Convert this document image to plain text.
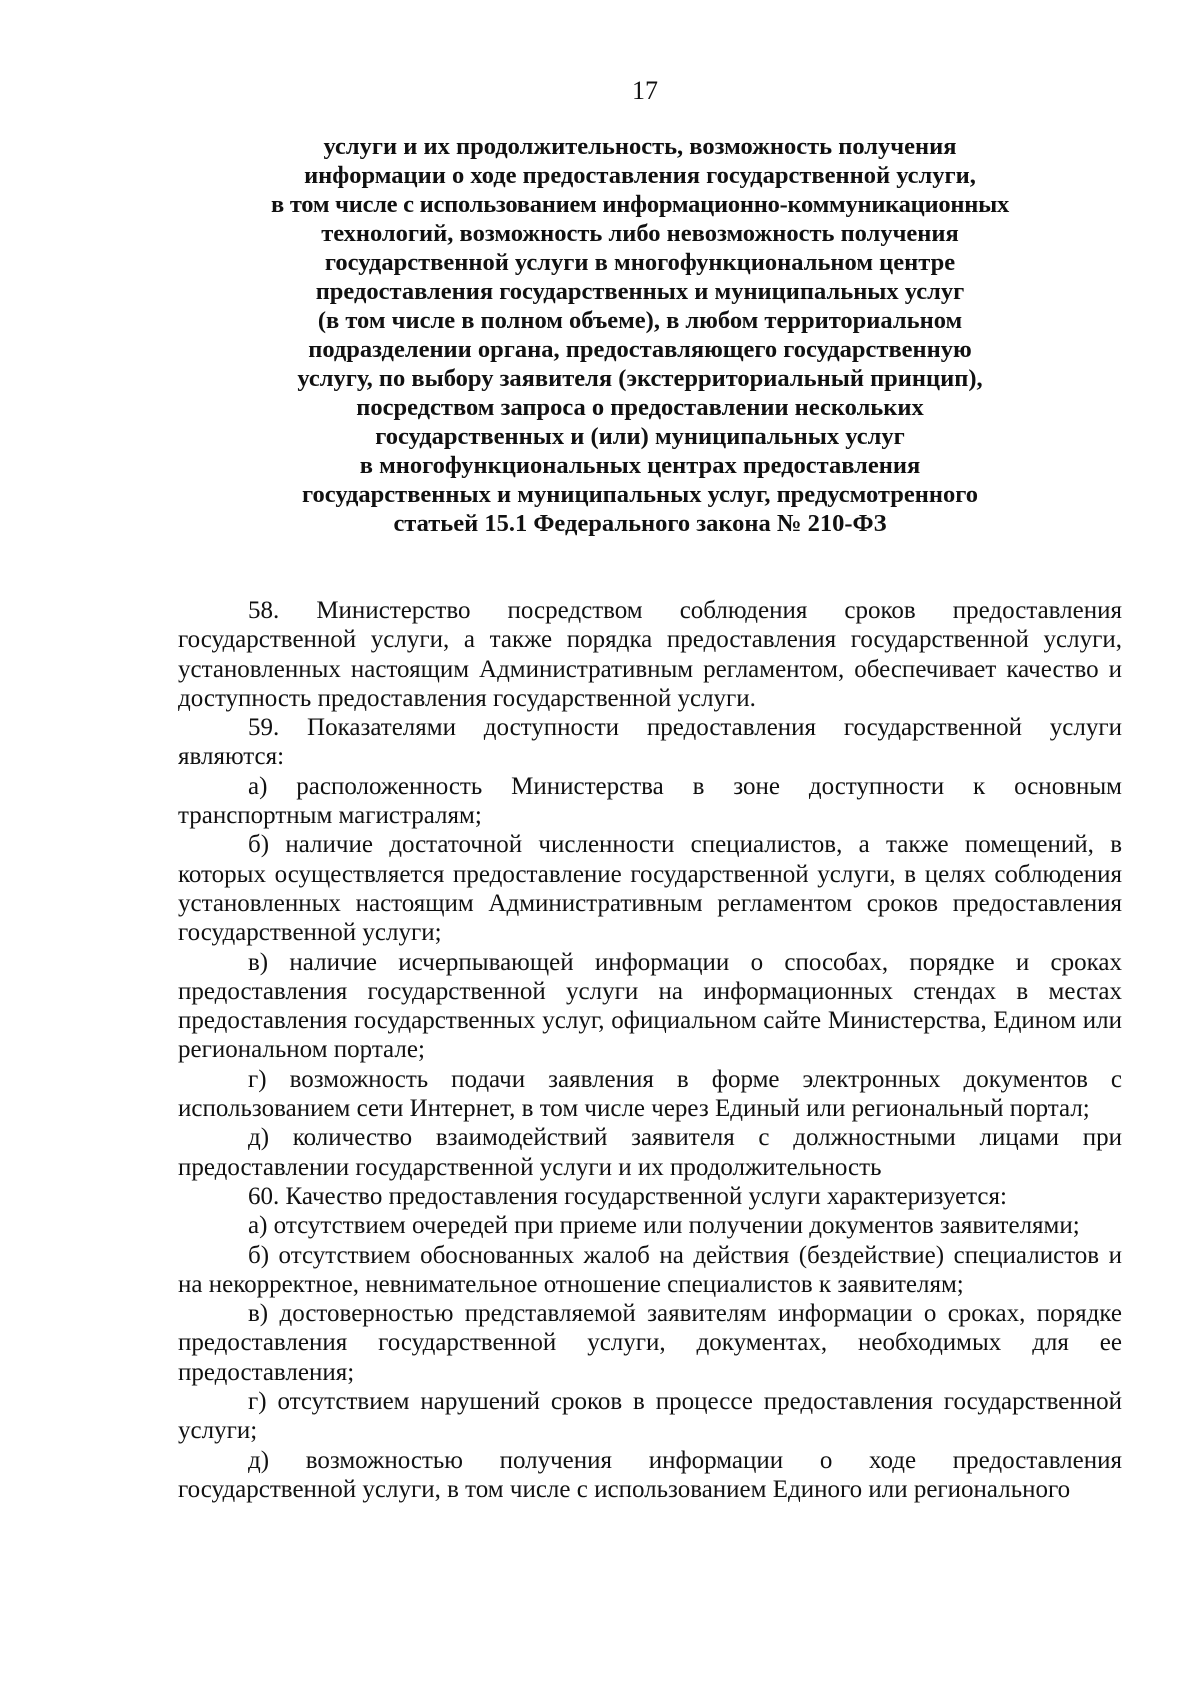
17
услуги и их продолжительность, возможность получения
информации о ходе предоставления государственной услуги,
в том числе с использованием информационно-коммуникационных
технологий, возможность либо невозможность получения
государственной услуги в многофункциональном центре
предоставления государственных и муниципальных услуг
(в том числе в полном объеме), в любом территориальном
подразделении органа, предоставляющего государственную
услугу, по выбору заявителя (экстерриториальный принцип),
посредством запроса о предоставлении нескольких
государственных и (или) муниципальных услуг
в многофункциональных центрах предоставления
государственных и муниципальных услуг, предусмотренного
статьей 15.1 Федерального закона № 210-ФЗ

58. Министерство посредством соблюдения сроков предоставления государственной услуги, а также порядка предоставления государственной услуги, установленных настоящим Административным регламентом, обеспечивает качество и доступность предоставления государственной услуги.

59. Показателями доступности предоставления государственной услуги являются:

а) расположенность Министерства в зоне доступности к основным транспортным магистралям;

б) наличие достаточной численности специалистов, а также помещений, в которых осуществляется предоставление государственной услуги, в целях соблюдения установленных настоящим Административным регламентом сроков предоставления государственной услуги;

в) наличие исчерпывающей информации о способах, порядке и сроках предоставления государственной услуги на информационных стендах в местах предоставления государственных услуг, официальном сайте Министерства, Едином или региональном портале;

г) возможность подачи заявления в форме электронных документов с использованием сети Интернет, в том числе через Единый или региональный портал;

д) количество взаимодействий заявителя с должностными лицами при предоставлении государственной услуги и их продолжительность

60. Качество предоставления государственной услуги характеризуется:

а) отсутствием очередей при приеме или получении документов заявителями;

б) отсутствием обоснованных жалоб на действия (бездействие) специалистов и на некорректное, невнимательное отношение специалистов к заявителям;

в) достоверностью представляемой заявителям информации о сроках, порядке предоставления государственной услуги, документах, необходимых для ее предоставления;

г) отсутствием нарушений сроков в процессе предоставления государственной услуги;

д) возможностью получения информации о ходе предоставления государственной услуги, в том числе с использованием Единого или регионального
